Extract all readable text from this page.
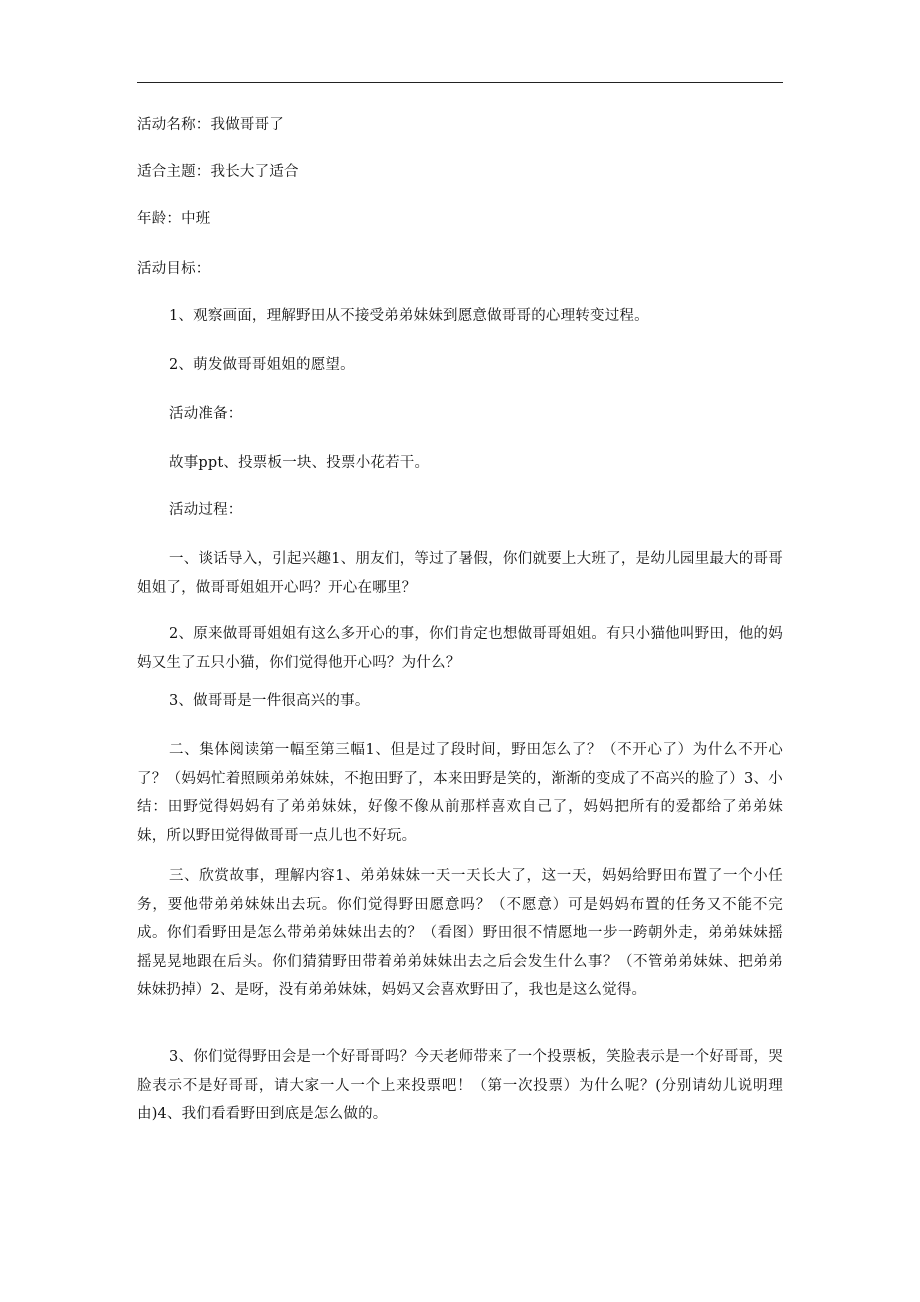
活动名称：我做哥哥了

适合主题：我长大了适合

年龄：中班

活动目标：

1、观察画面，理解野田从不接受弟弟妹妹到愿意做哥哥的心理转变过程。

2、萌发做哥哥姐姐的愿望。

活动准备：

故事ppt、投票板一块、投票小花若干。

活动过程：

一、谈话导入，引起兴趣1、朋友们，等过了暑假，你们就要上大班了，是幼儿园里最大的哥哥姐姐了，做哥哥姐姐开心吗？开心在哪里？

2、原来做哥哥姐姐有这么多开心的事，你们肯定也想做哥哥姐姐。有只小猫他叫野田，他的妈妈又生了五只小猫，你们觉得他开心吗？为什么？

3、做哥哥是一件很高兴的事。

二、集体阅读第一幅至第三幅1、但是过了段时间，野田怎么了？（不开心了）为什么不开心了？（妈妈忙着照顾弟弟妹妹，不抱田野了，本来田野是笑的，渐渐的变成了不高兴的脸了）3、小结：田野觉得妈妈有了弟弟妹妹，好像不像从前那样喜欢自己了，妈妈把所有的爱都给了弟弟妹妹，所以野田觉得做哥哥一点儿也不好玩。

三、欣赏故事，理解内容1、弟弟妹妹一天一天长大了，这一天，妈妈给野田布置了一个小任务，要他带弟弟妹妹出去玩。你们觉得野田愿意吗？（不愿意）可是妈妈布置的任务又不能不完成。你们看野田是怎么带弟弟妹妹出去的？（看图）野田很不情愿地一步一跨朝外走，弟弟妹妹摇摇晃晃地跟在后头。你们猜猜野田带着弟弟妹妹出去之后会发生什么事？（不管弟弟妹妹、把弟弟妹妹扔掉）2、是呀，没有弟弟妹妹，妈妈又会喜欢野田了，我也是这么觉得。

3、你们觉得野田会是一个好哥哥吗？今天老师带来了一个投票板，笑脸表示是一个好哥哥，哭脸表示不是好哥哥，请大家一人一个上来投票吧！（第一次投票）为什么呢？(分别请幼儿说明理由)4、我们看看野田到底是怎么做的。
